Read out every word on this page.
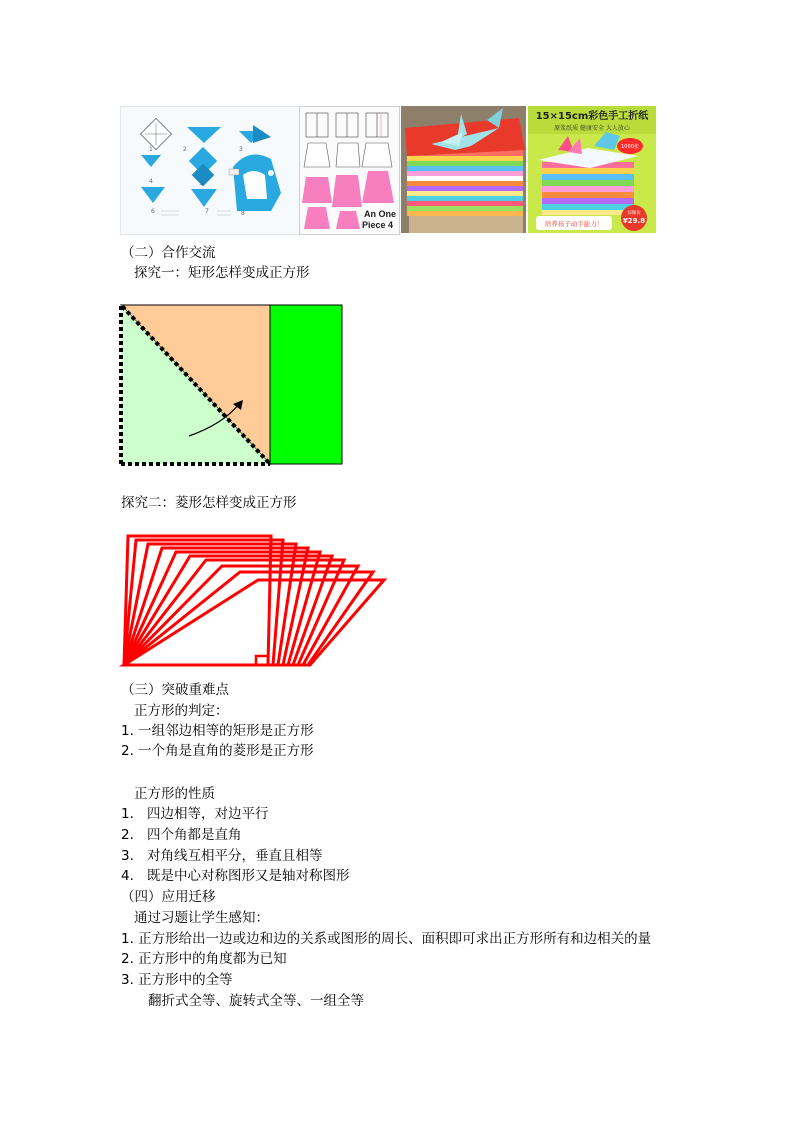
1	2	3
4	5
6	7	8	An One
Piece 4
15×15cm彩色手工折纸
原浆纸质 健康安全 大人放心
1000张
培养孩子动手能力！
惊爆价
¥29.8
（二）合作交流
探究一：矩形怎样变成正方形
探究二：菱形怎样变成正方形
（三）突破重难点
正方形的判定：
1. 一组邻边相等的矩形是正方形
2. 一个角是直角的菱形是正方形
正方形的性质
1. 四边相等，对边平行
2. 四个角都是直角
3. 对角线互相平分，垂直且相等
4. 既是中心对称图形又是轴对称图形
（四）应用迁移
通过习题让学生感知：
1. 正方形给出一边或边和边的关系或图形的周长、面积即可求出正方形所有和边相关的量
2. 正方形中的角度都为已知
3. 正方形中的全等
翻折式全等、旋转式全等、一组全等
